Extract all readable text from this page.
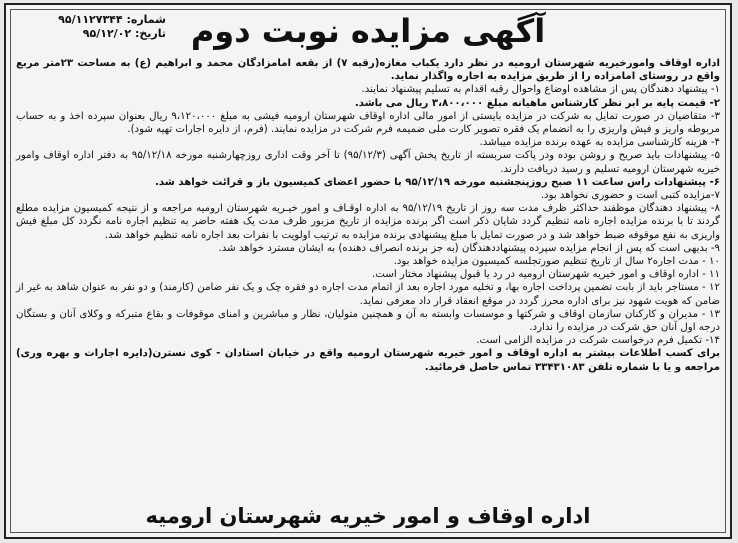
شماره: ۹۵/۱۱۲۷۳۴۴
تاریخ: ۹۵/۱۲/۰۲ آگهی مزایده نوبت دوم

اداره اوقاف وامورخیریه شهرستان ارومیه در نظر دارد یکباب مغازه(رقبه ۷) از بقعه امامزادگان محمد و ابراهیم (ع) به مساحت ۲۳متر مربع واقع در روستای امامزاده را از طریق مزایده به اجاره واگذار نماید.

۱- پیشنهاد دهندگان پس از مشاهده اوضاع واحوال رقبه اقدام به تسلیم پیشنهاد نمایند.

۲- قیمت پایه بر ابر نظر کارشناس ماهیانه مبلغ ۳،۸۰۰،۰۰۰ ریال می باشد.

۳- متقاضیان در صورت تمایل به شرکت در مزایده بایستی از امور مالی اداره اوقاف شهرستان ارومیه فیشی به مبلغ ۹،۱۲۰،۰۰۰ ریال بعنوان سپرده اخذ و به حساب مربوطه واریز و فیش واریزی را به انضمام یک فقره تصویر کارت ملی ضمیمه فرم شرکت در مزایده نمایند. (فرم، از دایره اجارات تهیه شود).

۴- هزینه کارشناسی مزایده به عهده برنده مزایده میباشد.

۵- پیشنهادات باید صریح و روشن بوده ودر پاکت سربسته از تاریخ پخش آگهی (۹۵/۱۲/۳) تا آخر وقت اداری روزچهارشنبه مورخه ۹۵/۱۲/۱۸ به دفتر اداره اوقاف وامور خیریه شهرستان ارومیه تسلیم و رسید دریافت دارند.

۶- پیشنهادات راس ساعت ۱۱ صبح روزپنجشنبه مورخه ۹۵/۱۲/۱۹ با حضور اعضای کمیسیون باز و قرائت خواهد شد.

۷-مزایده کتبی است و حضوری نخواهد بود.

۸- پیشنهاد دهندگان موظفند حداکثر ظرف مدت سه روز از تاریخ ۹۵/۱۲/۱۹ به اداره اوقـاف و امور خیـریه شهرستان ارومیه مراجعه و از نتیجه کمیسیون مزایده مطلع گردند تا با برنده مزایده اجاره نامه تنظیم گردد شایان ذکر است اگر برنده مزایده از تاریخ مزبور ظرف مدت یک هفته حاضر به تنظیم اجاره نامه نگردد کل مبلغ فیش واریزی به نفع موقوفه ضبط خواهد شد و در صورت تمایل با مبلغ پیشنهادی برنده مزایده به ترتیب اولویت با نفرات بعد اجاره نامه تنظیم خواهد شد.

۹- بدیهی است که پس از انجام مزایده سپرده پیشنهاددهندگان (به جز برنده انصراف دهنده) به ایشان مسترد خواهد شد.

۱۰ - مدت اجاره۲ سال از تاریخ تنظیم صورتجلسه کمیسیون مزایده خواهد بود.

۱۱ - اداره اوقاف و امور خیریه شهرستان ارومیه در رد یا قبول پیشنهاد مختار است.

۱۲ - مستاجر باید از بابت تضمین پرداخت اجاره بها، و تخلیه مورد اجاره بعد از اتمام مدت اجاره دو فقره چک و یک نفر ضامن (کارمند) و دو نفر به عنوان شاهد به غیر از ضامن که هویت شهود نیز برای اداره محرز گردد در موقع انعقاد قرار داد معرفی نماید.

۱۳ - مدیران و کارکنان سازمان اوقاف و شرکتها و موسسات وابسته به آن و همچنین متولیان، نظار و مباشرین و امنای موقوفات و بقاع متبرکه و وکلای آنان و بستگان درجه اول آنان حق شرکت در مزایده را ندارد.

۱۴- تکمیل فرم درخواست شرکت در مزایده الزامی است.

برای کسب اطلاعات بیشتر به اداره اوقاف و امور خیریه شهرستان ارومیه واقع در خیابان استادان - کوی نسترن(دایره اجارات و بهره وری) مراجعه و یا با شماره تلفن ۳۳۴۳۱۰۸۳ تماس حاصل فرمائید.

اداره اوقاف و امور خیریه شهرستان ارومیه
